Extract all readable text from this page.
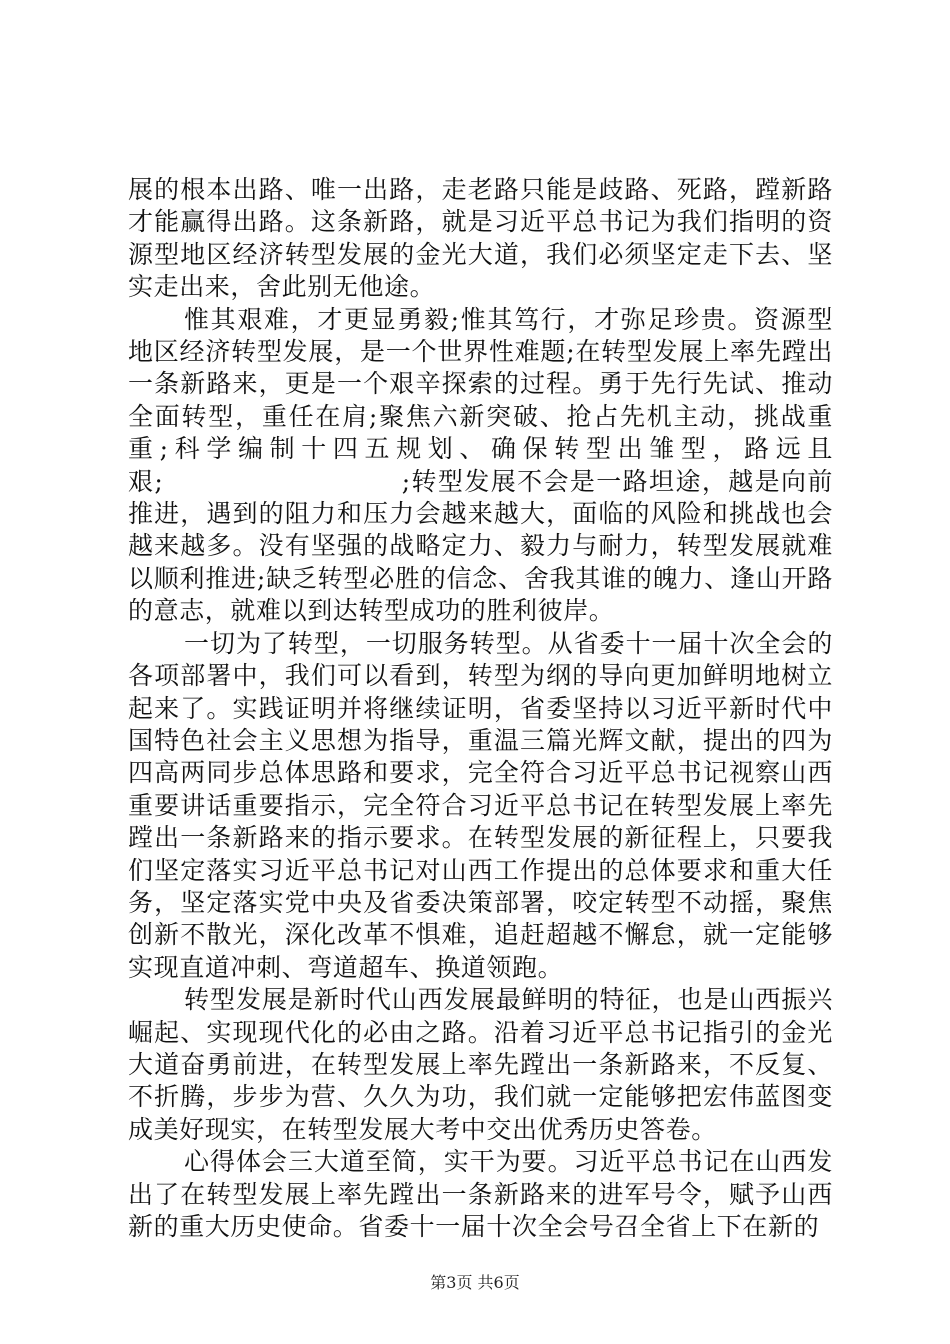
展的根本出路、唯一出路，走老路只能是歧路、死路，蹚新路才能赢得出路。这条新路，就是习近平总书记为我们指明的资源型地区经济转型发展的金光大道，我们必须坚定走下去、坚实走出来，舍此别无他途。

惟其艰难，才更显勇毅;惟其笃行，才弥足珍贵。资源型地区经济转型发展，是一个世界性难题;在转型发展上率先蹚出一条新路来，更是一个艰辛探索的过程。勇于先行先试、推动全面转型，重任在肩;聚焦六新突破、抢占先机主动，挑战重重;科学编制十四五规划、确保转型出雏型，路远且艰;　　　　　　　　　;转型发展不会是一路坦途，越是向前推进，遇到的阻力和压力会越来越大，面临的风险和挑战也会越来越多。没有坚强的战略定力、毅力与耐力，转型发展就难以顺利推进;缺乏转型必胜的信念、舍我其谁的魄力、逢山开路的意志，就难以到达转型成功的胜利彼岸。

一切为了转型，一切服务转型。从省委十一届十次全会的各项部署中，我们可以看到，转型为纲的导向更加鲜明地树立起来了。实践证明并将继续证明，省委坚持以习近平新时代中国特色社会主义思想为指导，重温三篇光辉文献，提出的四为四高两同步总体思路和要求，完全符合习近平总书记视察山西重要讲话重要指示，完全符合习近平总书记在转型发展上率先蹚出一条新路来的指示要求。在转型发展的新征程上，只要我们坚定落实习近平总书记对山西工作提出的总体要求和重大任务，坚定落实党中央及省委决策部署，咬定转型不动摇，聚焦创新不散光，深化改革不惧难，追赶超越不懈怠，就一定能够实现直道冲刺、弯道超车、换道领跑。

转型发展是新时代山西发展最鲜明的特征，也是山西振兴崛起、实现现代化的必由之路。沿着习近平总书记指引的金光大道奋勇前进，在转型发展上率先蹚出一条新路来，不反复、不折腾，步步为营、久久为功，我们就一定能够把宏伟蓝图变成美好现实，在转型发展大考中交出优秀历史答卷。

心得体会三大道至简，实干为要。习近平总书记在山西发出了在转型发展上率先蹚出一条新路来的进军号令，赋予山西新的重大历史使命。省委十一届十次全会号召全省上下在新的

第3页 共6页
